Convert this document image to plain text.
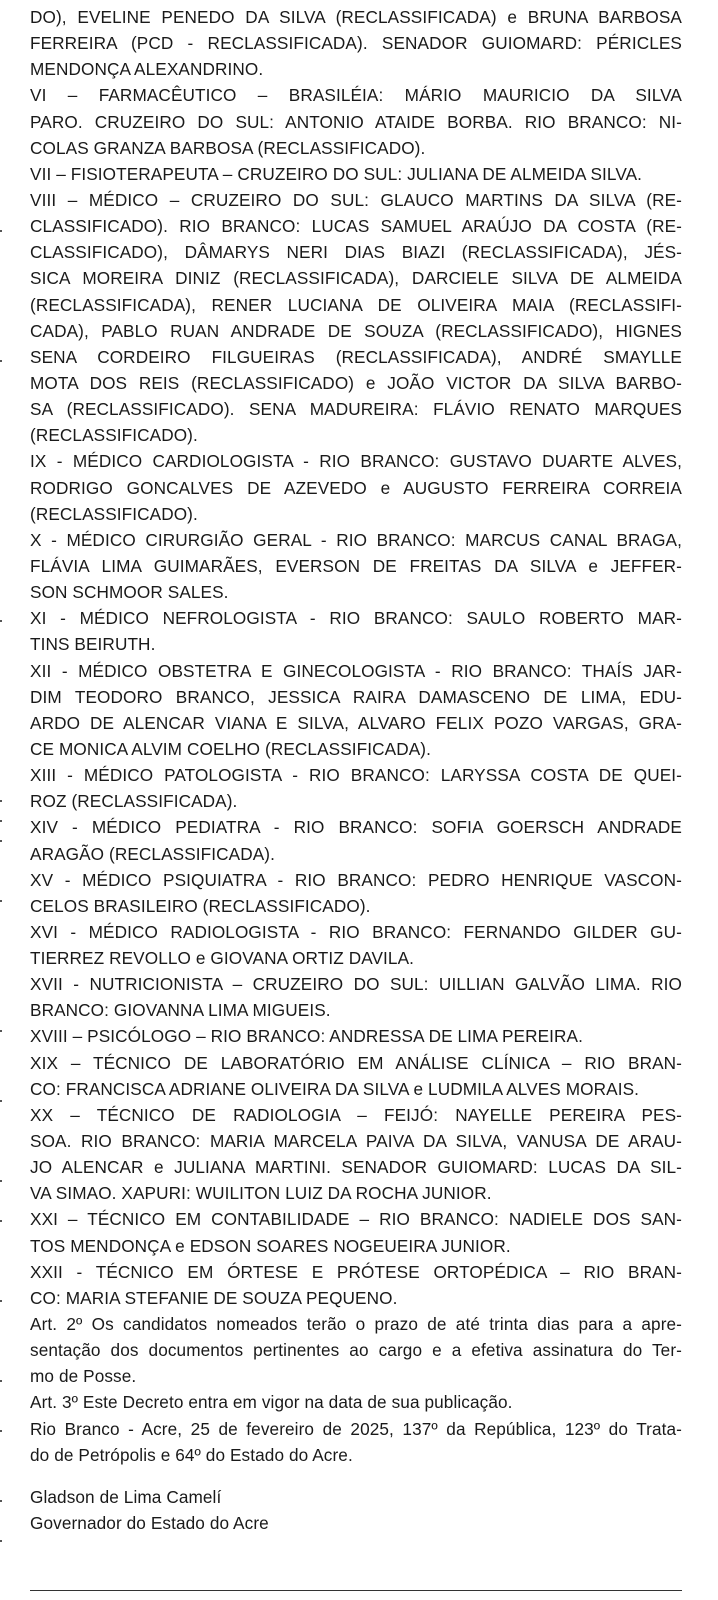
DO), EVELINE PENEDO DA SILVA (RECLASSIFICADA) e BRUNA BARBOSA
FERREIRA (PCD - RECLASSIFICADA). SENADOR GUIOMARD: PÉRICLES
MENDONÇA ALEXANDRINO.
VI – FARMACÊUTICO – BRASILÉIA: MÁRIO MAURICIO DA SILVA
PARO. CRUZEIRO DO SUL: ANTONIO ATAIDE BORBA. RIO BRANCO: NI-
COLAS GRANZA BARBOSA (RECLASSIFICADO).
VII – FISIOTERAPEUTA – CRUZEIRO DO SUL: JULIANA DE ALMEIDA SILVA.
VIII – MÉDICO – CRUZEIRO DO SUL: GLAUCO MARTINS DA SILVA (RE-
CLASSIFICADO). RIO BRANCO: LUCAS SAMUEL ARAÚJO DA COSTA (RE-
CLASSIFICADO), DÂMARYS NERI DIAS BIAZI (RECLASSIFICADA), JÉS-
SICA MOREIRA DINIZ (RECLASSIFICADA), DARCIELE SILVA DE ALMEIDA
(RECLASSIFICADA), RENER LUCIANA DE OLIVEIRA MAIA (RECLASSIFI-
CADA), PABLO RUAN ANDRADE DE SOUZA (RECLASSIFICADO), HIGNES
SENA CORDEIRO FILGUEIRAS (RECLASSIFICADA), ANDRÉ SMAYLLE
MOTA DOS REIS (RECLASSIFICADO) e JOÃO VICTOR DA SILVA BARBO-
SA (RECLASSIFICADO). SENA MADUREIRA: FLÁVIO RENATO MARQUES
(RECLASSIFICADO).
IX - MÉDICO CARDIOLOGISTA - RIO BRANCO: GUSTAVO DUARTE ALVES,
RODRIGO GONCALVES DE AZEVEDO e AUGUSTO FERREIRA CORREIA
(RECLASSIFICADO).
X - MÉDICO CIRURGIÃO GERAL - RIO BRANCO: MARCUS CANAL BRAGA,
FLÁVIA LIMA GUIMARÃES, EVERSON DE FREITAS DA SILVA e JEFFER-
SON SCHMOOR SALES.
XI - MÉDICO NEFROLOGISTA - RIO BRANCO: SAULO ROBERTO MAR-
TINS BEIRUTH.
XII - MÉDICO OBSTETRA E GINECOLOGISTA - RIO BRANCO: THAÍS JAR-
DIM TEODORO BRANCO, JESSICA RAIRA DAMASCENO DE LIMA, EDU-
ARDO DE ALENCAR VIANA E SILVA, ALVARO FELIX POZO VARGAS, GRA-
CE MONICA ALVIM COELHO (RECLASSIFICADA).
XIII - MÉDICO PATOLOGISTA - RIO BRANCO: LARYSSA COSTA DE QUEI-
ROZ (RECLASSIFICADA).
XIV - MÉDICO PEDIATRA - RIO BRANCO: SOFIA GOERSCH ANDRADE
ARAGÃO (RECLASSIFICADA).
XV - MÉDICO PSIQUIATRA - RIO BRANCO: PEDRO HENRIQUE VASCON-
CELOS BRASILEIRO (RECLASSIFICADO).
XVI - MÉDICO RADIOLOGISTA - RIO BRANCO: FERNANDO GILDER GU-
TIERREZ REVOLLO e GIOVANA ORTIZ DAVILA.
XVII - NUTRICIONISTA – CRUZEIRO DO SUL: UILLIAN GALVÃO LIMA. RIO
BRANCO: GIOVANNA LIMA MIGUEIS.
XVIII – PSICÓLOGO – RIO BRANCO: ANDRESSA DE LIMA PEREIRA.
XIX – TÉCNICO DE LABORATÓRIO EM ANÁLISE CLÍNICA – RIO BRAN-
CO: FRANCISCA ADRIANE OLIVEIRA DA SILVA e LUDMILA ALVES MORAIS.
XX – TÉCNICO DE RADIOLOGIA – FEIJÓ: NAYELLE PEREIRA PES-
SOA. RIO BRANCO: MARIA MARCELA PAIVA DA SILVA, VANUSA DE ARAU-
JO ALENCAR e JULIANA MARTINI. SENADOR GUIOMARD: LUCAS DA SIL-
VA SIMAO. XAPURI: WUILITON LUIZ DA ROCHA JUNIOR.
XXI – TÉCNICO EM CONTABILIDADE – RIO BRANCO: NADIELE DOS SAN-
TOS MENDONÇA e EDSON SOARES NOGEUEIRA JUNIOR.
XXII - TÉCNICO EM ÓRTESE E PRÓTESE ORTOPÉDICA – RIO BRAN-
CO: MARIA STEFANIE DE SOUZA PEQUENO.
Art. 2º Os candidatos nomeados terão o prazo de até trinta dias para a apre-
sentação dos documentos pertinentes ao cargo e a efetiva assinatura do Ter-
mo de Posse.
Art. 3º Este Decreto entra em vigor na data de sua publicação.
Rio Branco - Acre, 25 de fevereiro de 2025, 137º da República, 123º do Trata-
do de Petrópolis e 64º do Estado do Acre.
Gladson de Lima Camelí
Governador do Estado do Acre
